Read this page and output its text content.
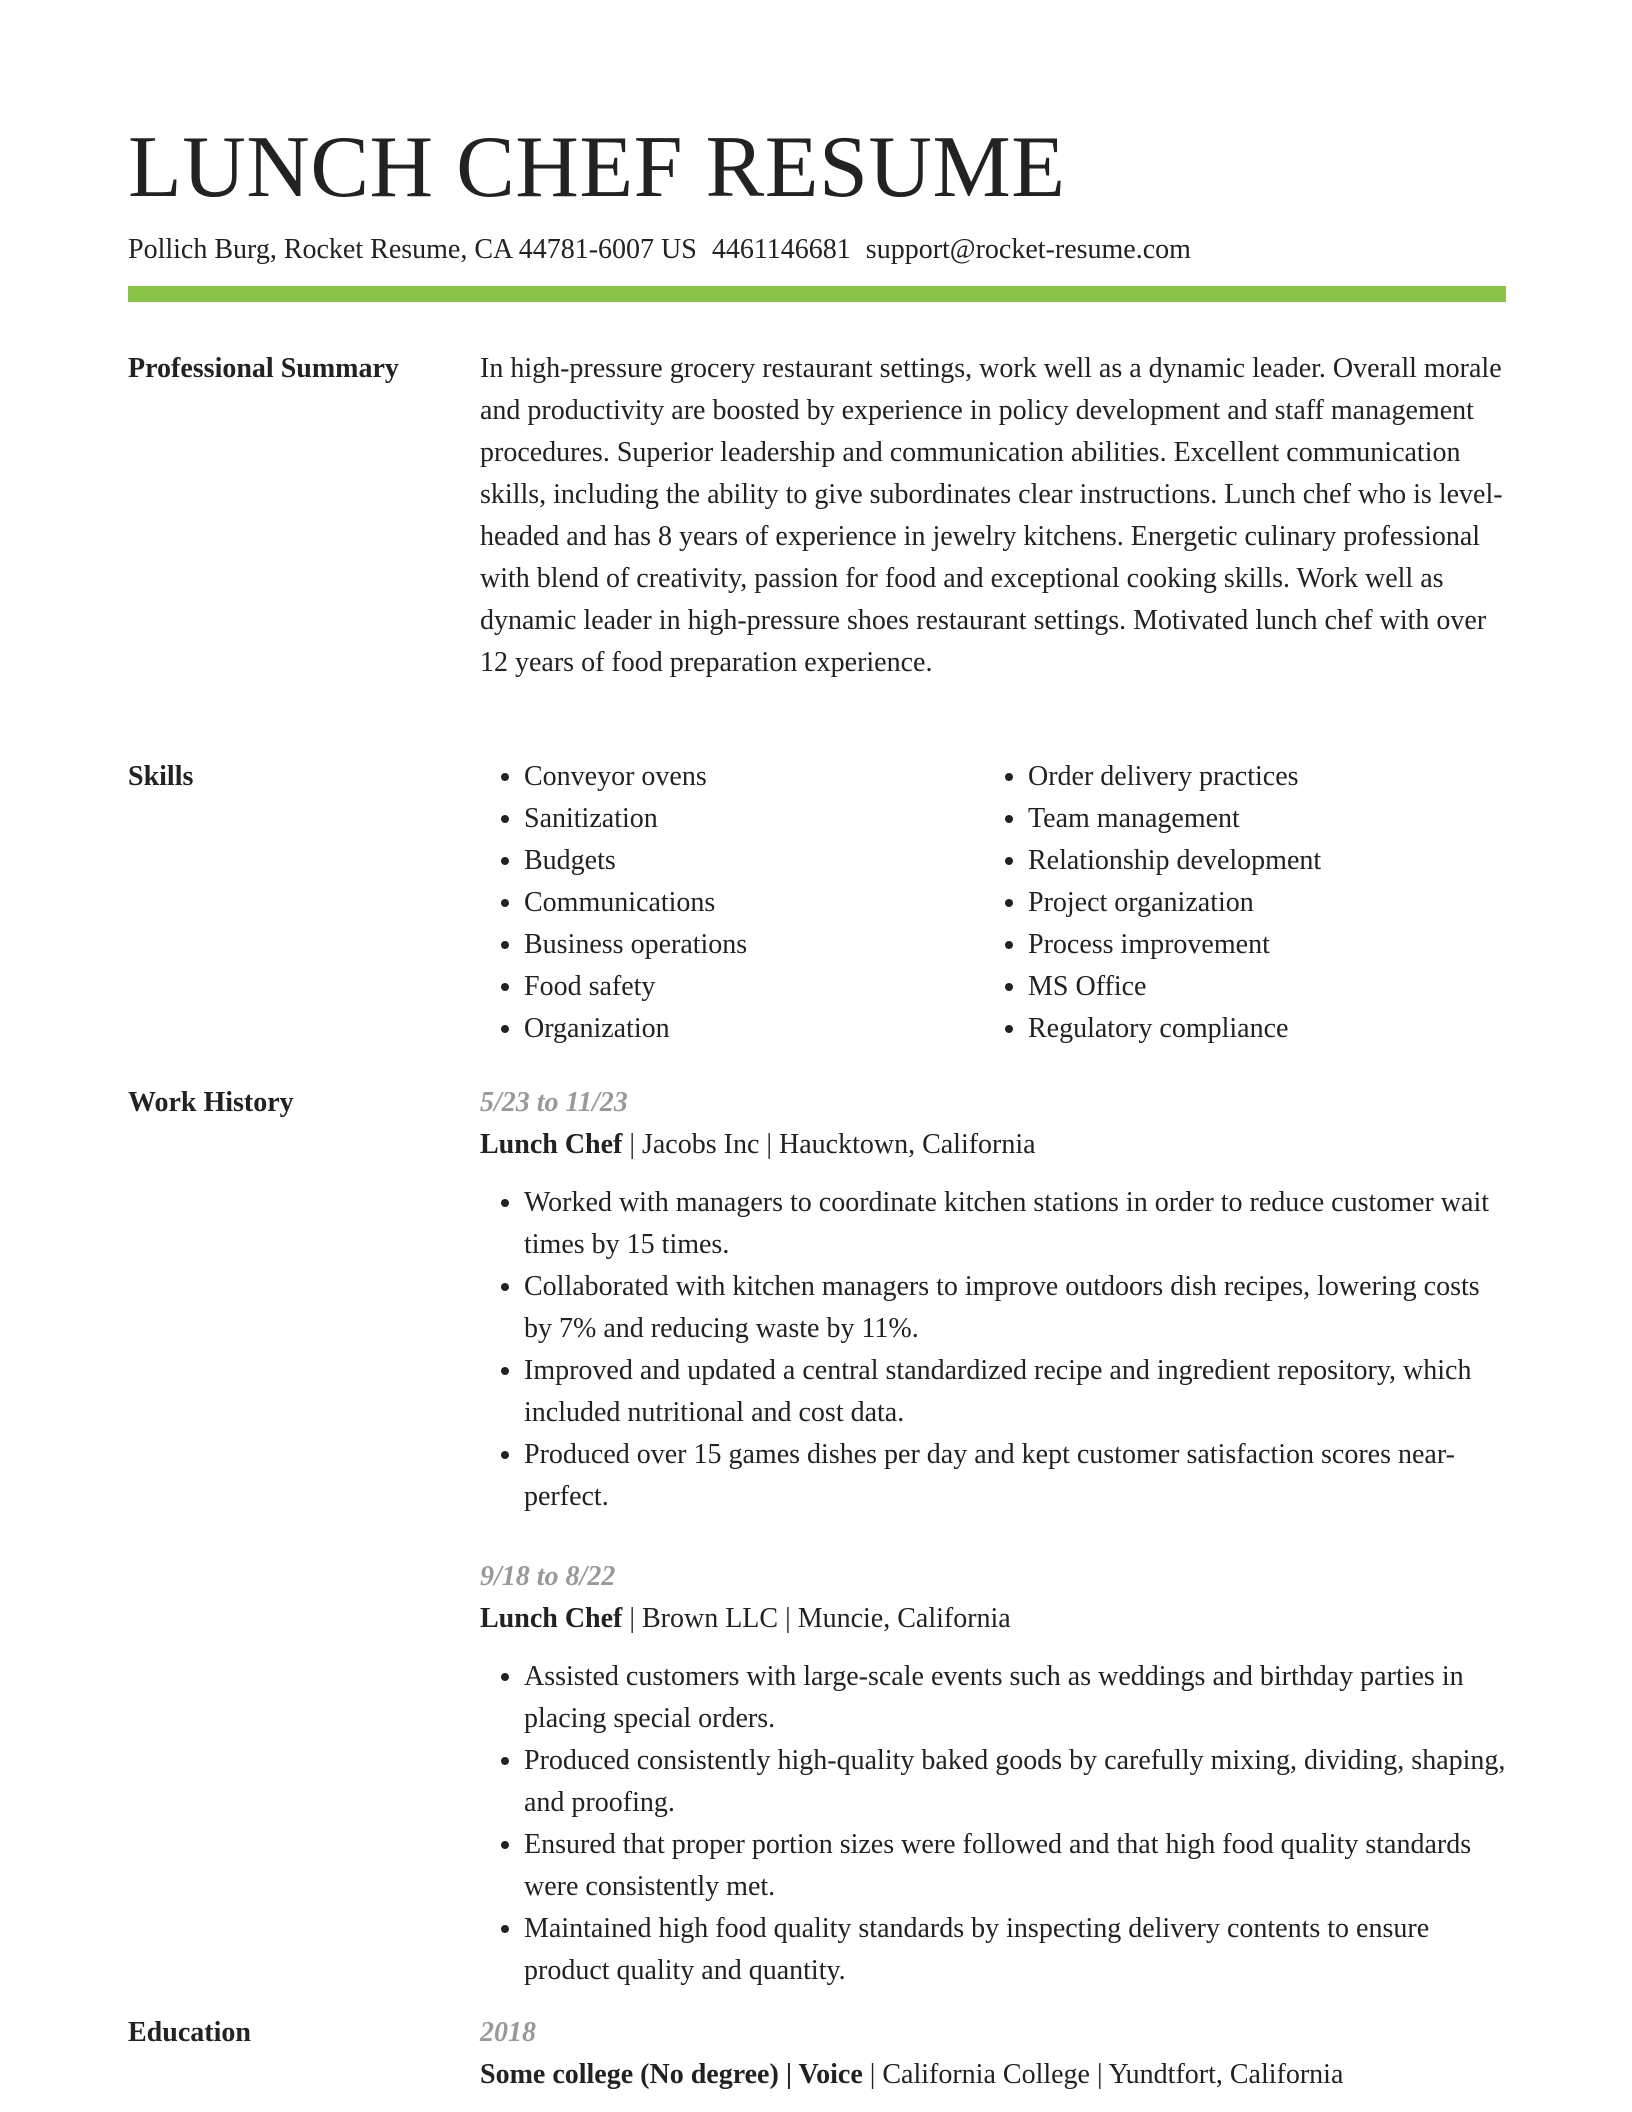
LUNCH CHEF RESUME
Pollich Burg, Rocket Resume, CA 44781-6007 US 4461146681 support@rocket-resume.com
Professional Summary	In high-pressure grocery restaurant settings, work well as a dynamic leader. Overall morale and productivity are boosted by experience in policy development and staff management procedures. Superior leadership and communication abilities. Excellent communication skills, including the ability to give subordinates clear instructions. Lunch chef who is level-headed and has 8 years of experience in jewelry kitchens. Energetic culinary professional with blend of creativity, passion for food and exceptional cooking skills. Work well as dynamic leader in high-pressure shoes restaurant settings. Motivated lunch chef with over 12 years of food preparation experience.

Skills
•	Conveyor ovens
• Sanitization
• Budgets
• Communications
• Business operations
• Food safety
• Organization
• Order delivery practices
• Team management
• Relationship development
• Project organization
• Process improvement
• MS Office
• Regulatory compliance
Work History	5/23 to 11/23
Lunch Chef | Jacobs Inc | Haucktown, California
• Worked with managers to coordinate kitchen stations in order to reduce customer wait times by 15 times.
• Collaborated with kitchen managers to improve outdoors dish recipes, lowering costs by 7% and reducing waste by 11%.
• Improved and updated a central standardized recipe and ingredient repository, which included nutritional and cost data.
• Produced over 15 games dishes per day and kept customer satisfaction scores near-perfect.
9/18 to 8/22
Lunch Chef | Brown LLC | Muncie, California
• Assisted customers with large-scale events such as weddings and birthday parties in placing special orders.
• Produced consistently high-quality baked goods by carefully mixing, dividing, shaping, and proofing.
• Ensured that proper portion sizes were followed and that high food quality standards were consistently met.
• Maintained high food quality standards by inspecting delivery contents to ensure product quality and quantity.
Education	2018
Some college (No degree) | Voice | California College | Yundtfort, California
